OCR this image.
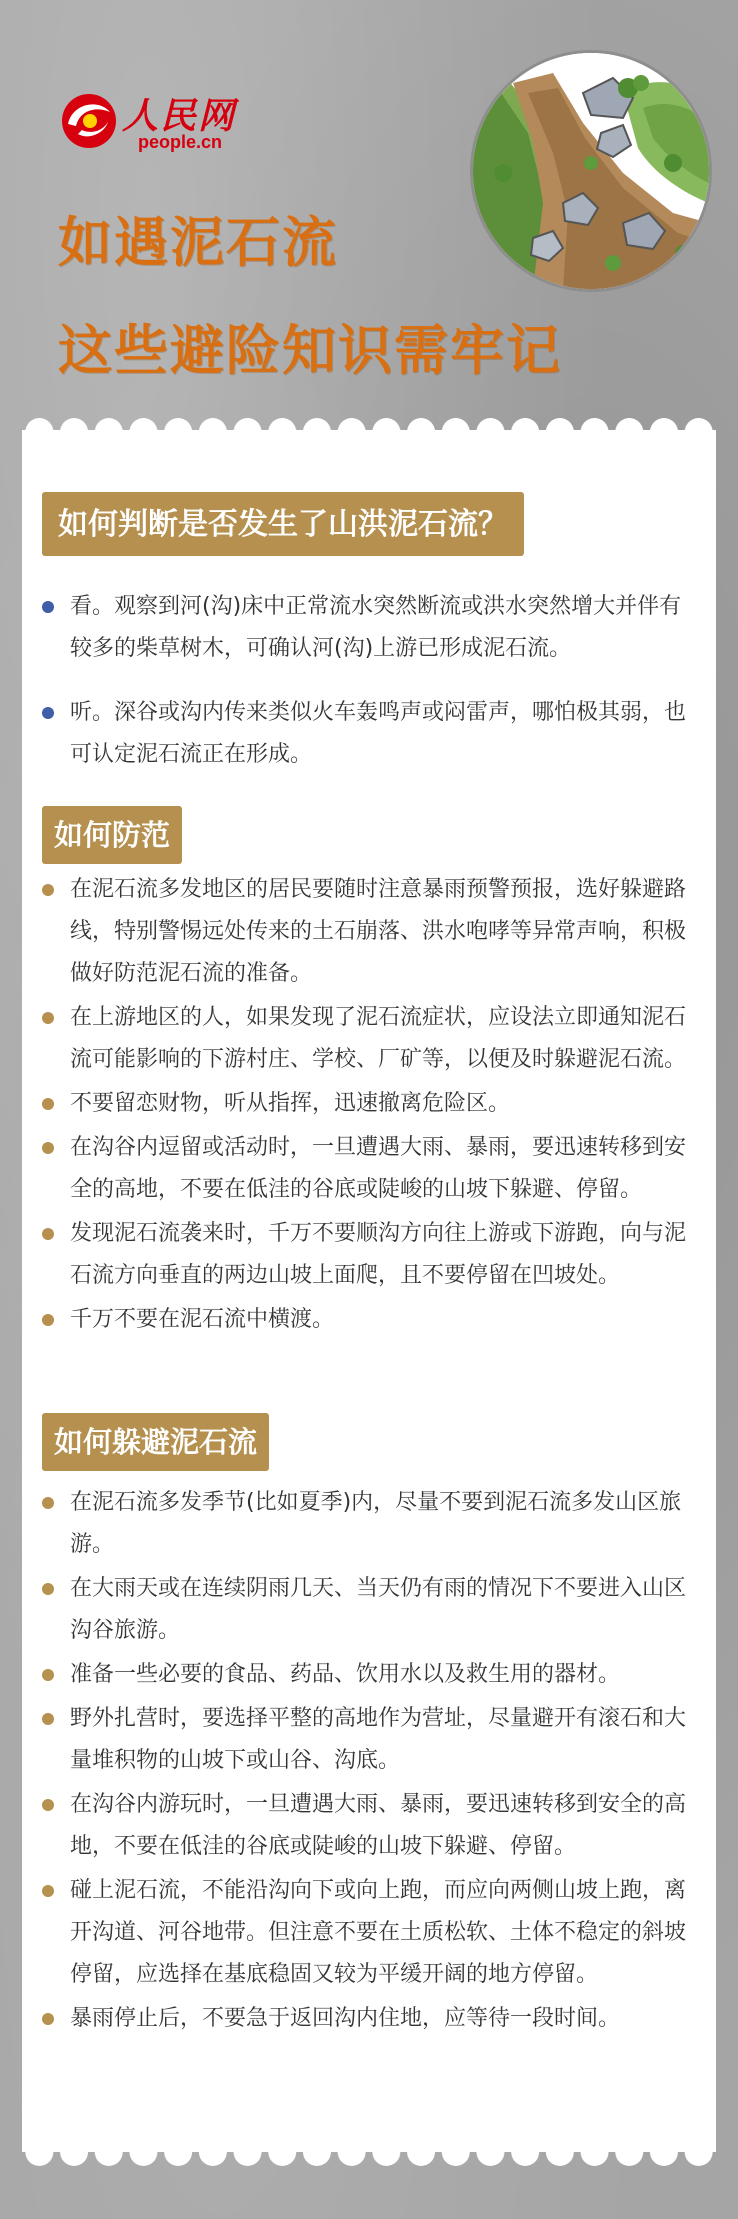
人民网
people.cn
如遇泥石流
这些避险知识需牢记
如何判断是否发生了山洪泥石流？
看。观察到河(沟)床中正常流水突然断流或洪水突然增大并伴有较多的柴草树木，可确认河(沟)上游已形成泥石流。
听。深谷或沟内传来类似火车轰鸣声或闷雷声，哪怕极其弱，也可认定泥石流正在形成。
如何防范
在泥石流多发地区的居民要随时注意暴雨预警预报，选好躲避路线，特别警惕远处传来的土石崩落、洪水咆哮等异常声响，积极做好防范泥石流的准备。
在上游地区的人，如果发现了泥石流症状，应设法立即通知泥石流可能影响的下游村庄、学校、厂矿等，以便及时躲避泥石流。
不要留恋财物，听从指挥，迅速撤离危险区。
在沟谷内逗留或活动时，一旦遭遇大雨、暴雨，要迅速转移到安全的高地，不要在低洼的谷底或陡峻的山坡下躲避、停留。
发现泥石流袭来时，千万不要顺沟方向往上游或下游跑，向与泥石流方向垂直的两边山坡上面爬，且不要停留在凹坡处。
千万不要在泥石流中横渡。
如何躲避泥石流
在泥石流多发季节(比如夏季)内，尽量不要到泥石流多发山区旅游。
在大雨天或在连续阴雨几天、当天仍有雨的情况下不要进入山区沟谷旅游。
准备一些必要的食品、药品、饮用水以及救生用的器材。
野外扎营时，要选择平整的高地作为营址，尽量避开有滚石和大量堆积物的山坡下或山谷、沟底。
在沟谷内游玩时，一旦遭遇大雨、暴雨，要迅速转移到安全的高地，不要在低洼的谷底或陡峻的山坡下躲避、停留。
碰上泥石流，不能沿沟向下或向上跑，而应向两侧山坡上跑，离开沟道、河谷地带。但注意不要在土质松软、土体不稳定的斜坡停留，应选择在基底稳固又较为平缓开阔的地方停留。
暴雨停止后，不要急于返回沟内住地，应等待一段时间。
